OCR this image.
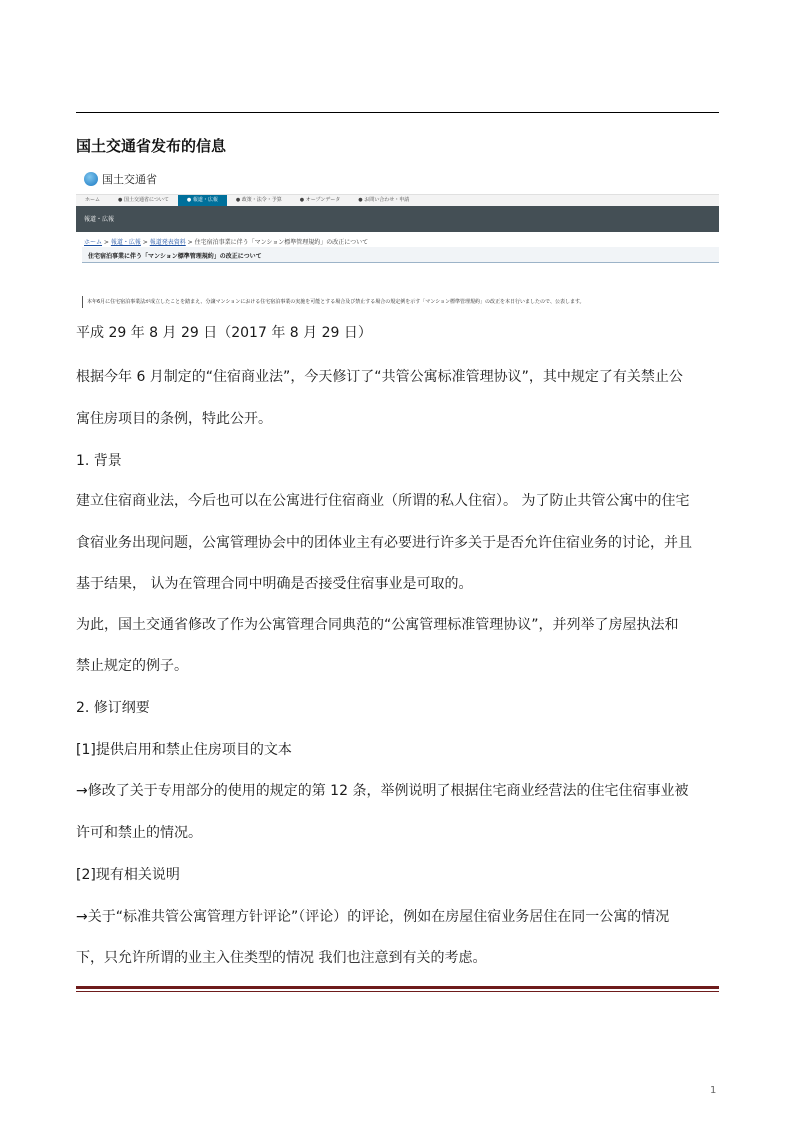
国土交通省发布的信息
国土交通省
ホーム	● 国土交通省について	● 報道・広報	● 政策・法令・予算	● オープンデータ	● お問い合わせ・申請
報道・広報
ホーム > 報道・広報 > 報道発表資料 > 住宅宿泊事業に伴う「マンション標準管理規約」の改正について
住宅宿泊事業に伴う「マンション標準管理規約」の改正について
本年6月に住宅宿泊事業法が成立したことを踏まえ、分譲マンションにおける住宅宿泊事業の実施を可能とする場合及び禁止する場合の規定例を示す「マンション標準管理規約」の改正を本日行いましたので、公表します。
平成 29 年 8 月 29 日（2017 年 8 月 29 日）
根据今年 6 月制定的“住宿商业法”，今天修订了“共管公寓标准管理协议”，其中规定了有关禁止公
寓住房项目的条例，特此公开。
1. 背景
建立住宿商业法，今后也可以在公寓进行住宿商业（所谓的私人住宿）。 为了防止共管公寓中的住宅
食宿业务出现问题，公寓管理协会中的团体业主有必要进行许多关于是否允许住宿业务的讨论，并且
基于结果， 认为在管理合同中明确是否接受住宿事业是可取的。
为此，国土交通省修改了作为公寓管理合同典范的“公寓管理标准管理协议”，并列举了房屋执法和
禁止规定的例子。
2. 修订纲要
[1]提供启用和禁止住房项目的文本
→修改了关于专用部分的使用的规定的第 12 条，举例说明了根据住宅商业经营法的住宅住宿事业被
许可和禁止的情况。
[2]现有相关说明
→关于“标准共管公寓管理方针评论”（评论）的评论，例如在房屋住宿业务居住在同一公寓的情况
下，只允许所谓的业主入住类型的情况 我们也注意到有关的考虑。
1
